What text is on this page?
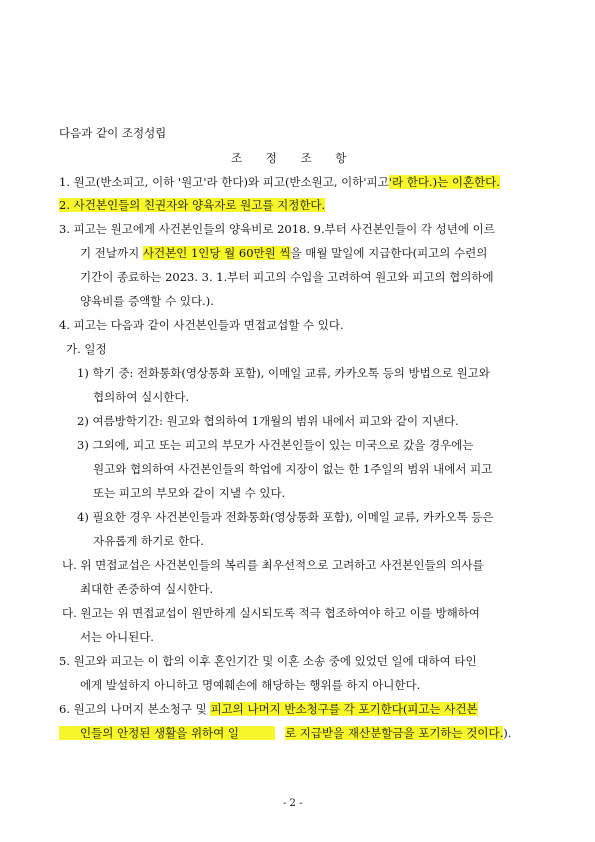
다음과 같이 조정성립
조 정 조 항
1. 원고(반소피고, 이하 '원고'라 한다)와 피고(반소원고, 이하'피고'라 한다.)는 이혼한다.
2. 사건본인들의 친권자와 양육자로 원고를 지정한다.
3. 피고는 원고에게 사건본인들의 양육비로 2018. 9.부터 사건본인들이 각 성년에 이르
기 전날까지 사건본인 1인당 월 60만원 씩을 매월 말일에 지급한다(피고의 수련의
기간이 종료하는 2023. 3. 1.부터 피고의 수입을 고려하여 원고와 피고의 협의하에
양육비를 증액할 수 있다.).
4. 피고는 다음과 같이 사건본인들과 면접교섭할 수 있다.
가. 일정
1) 학기 중: 전화통화(영상통화 포함), 이메일 교류, 카카오톡 등의 방법으로 원고와
협의하여 실시한다.
2) 여름방학기간: 원고와 협의하여 1개월의 범위 내에서 피고와 같이 지낸다.
3) 그외에, 피고 또는 피고의 부모가 사건본인들이 있는 미국으로 갔을 경우에는
원고와 협의하여 사건본인들의 학업에 지장이 없는 한 1주일의 범위 내에서 피고
또는 피고의 부모와 같이 지낼 수 있다.
4) 필요한 경우 사건본인들과 전화통화(영상통화 포함), 이메일 교류, 카카오톡 등은
자유롭게 하기로 한다.
나. 위 면접교섭은 사건본인들의 복리를 최우선적으로 고려하고 사건본인들의 의사를
최대한 존중하여 실시한다.
다. 원고는 위 면접교섭이 원만하게 실시되도록 적극 협조하여야 하고 이를 방해하여
서는 아니된다.
5. 원고와 피고는 이 합의 이후 혼인기간 및 이혼 소송 중에 있었던 일에 대하여 타인
에게 발설하지 아니하고 명예훼손에 해당하는 행위를 하지 아니한다.
6. 원고의 나머지 본소청구 및 피고의 나머지 반소청구를 각 포기한다(피고는 사건본
인들의 안정된 생활을 위하여 일	로 지급받을 재산분할금을 포기하는 것이다.).
- 2 -
